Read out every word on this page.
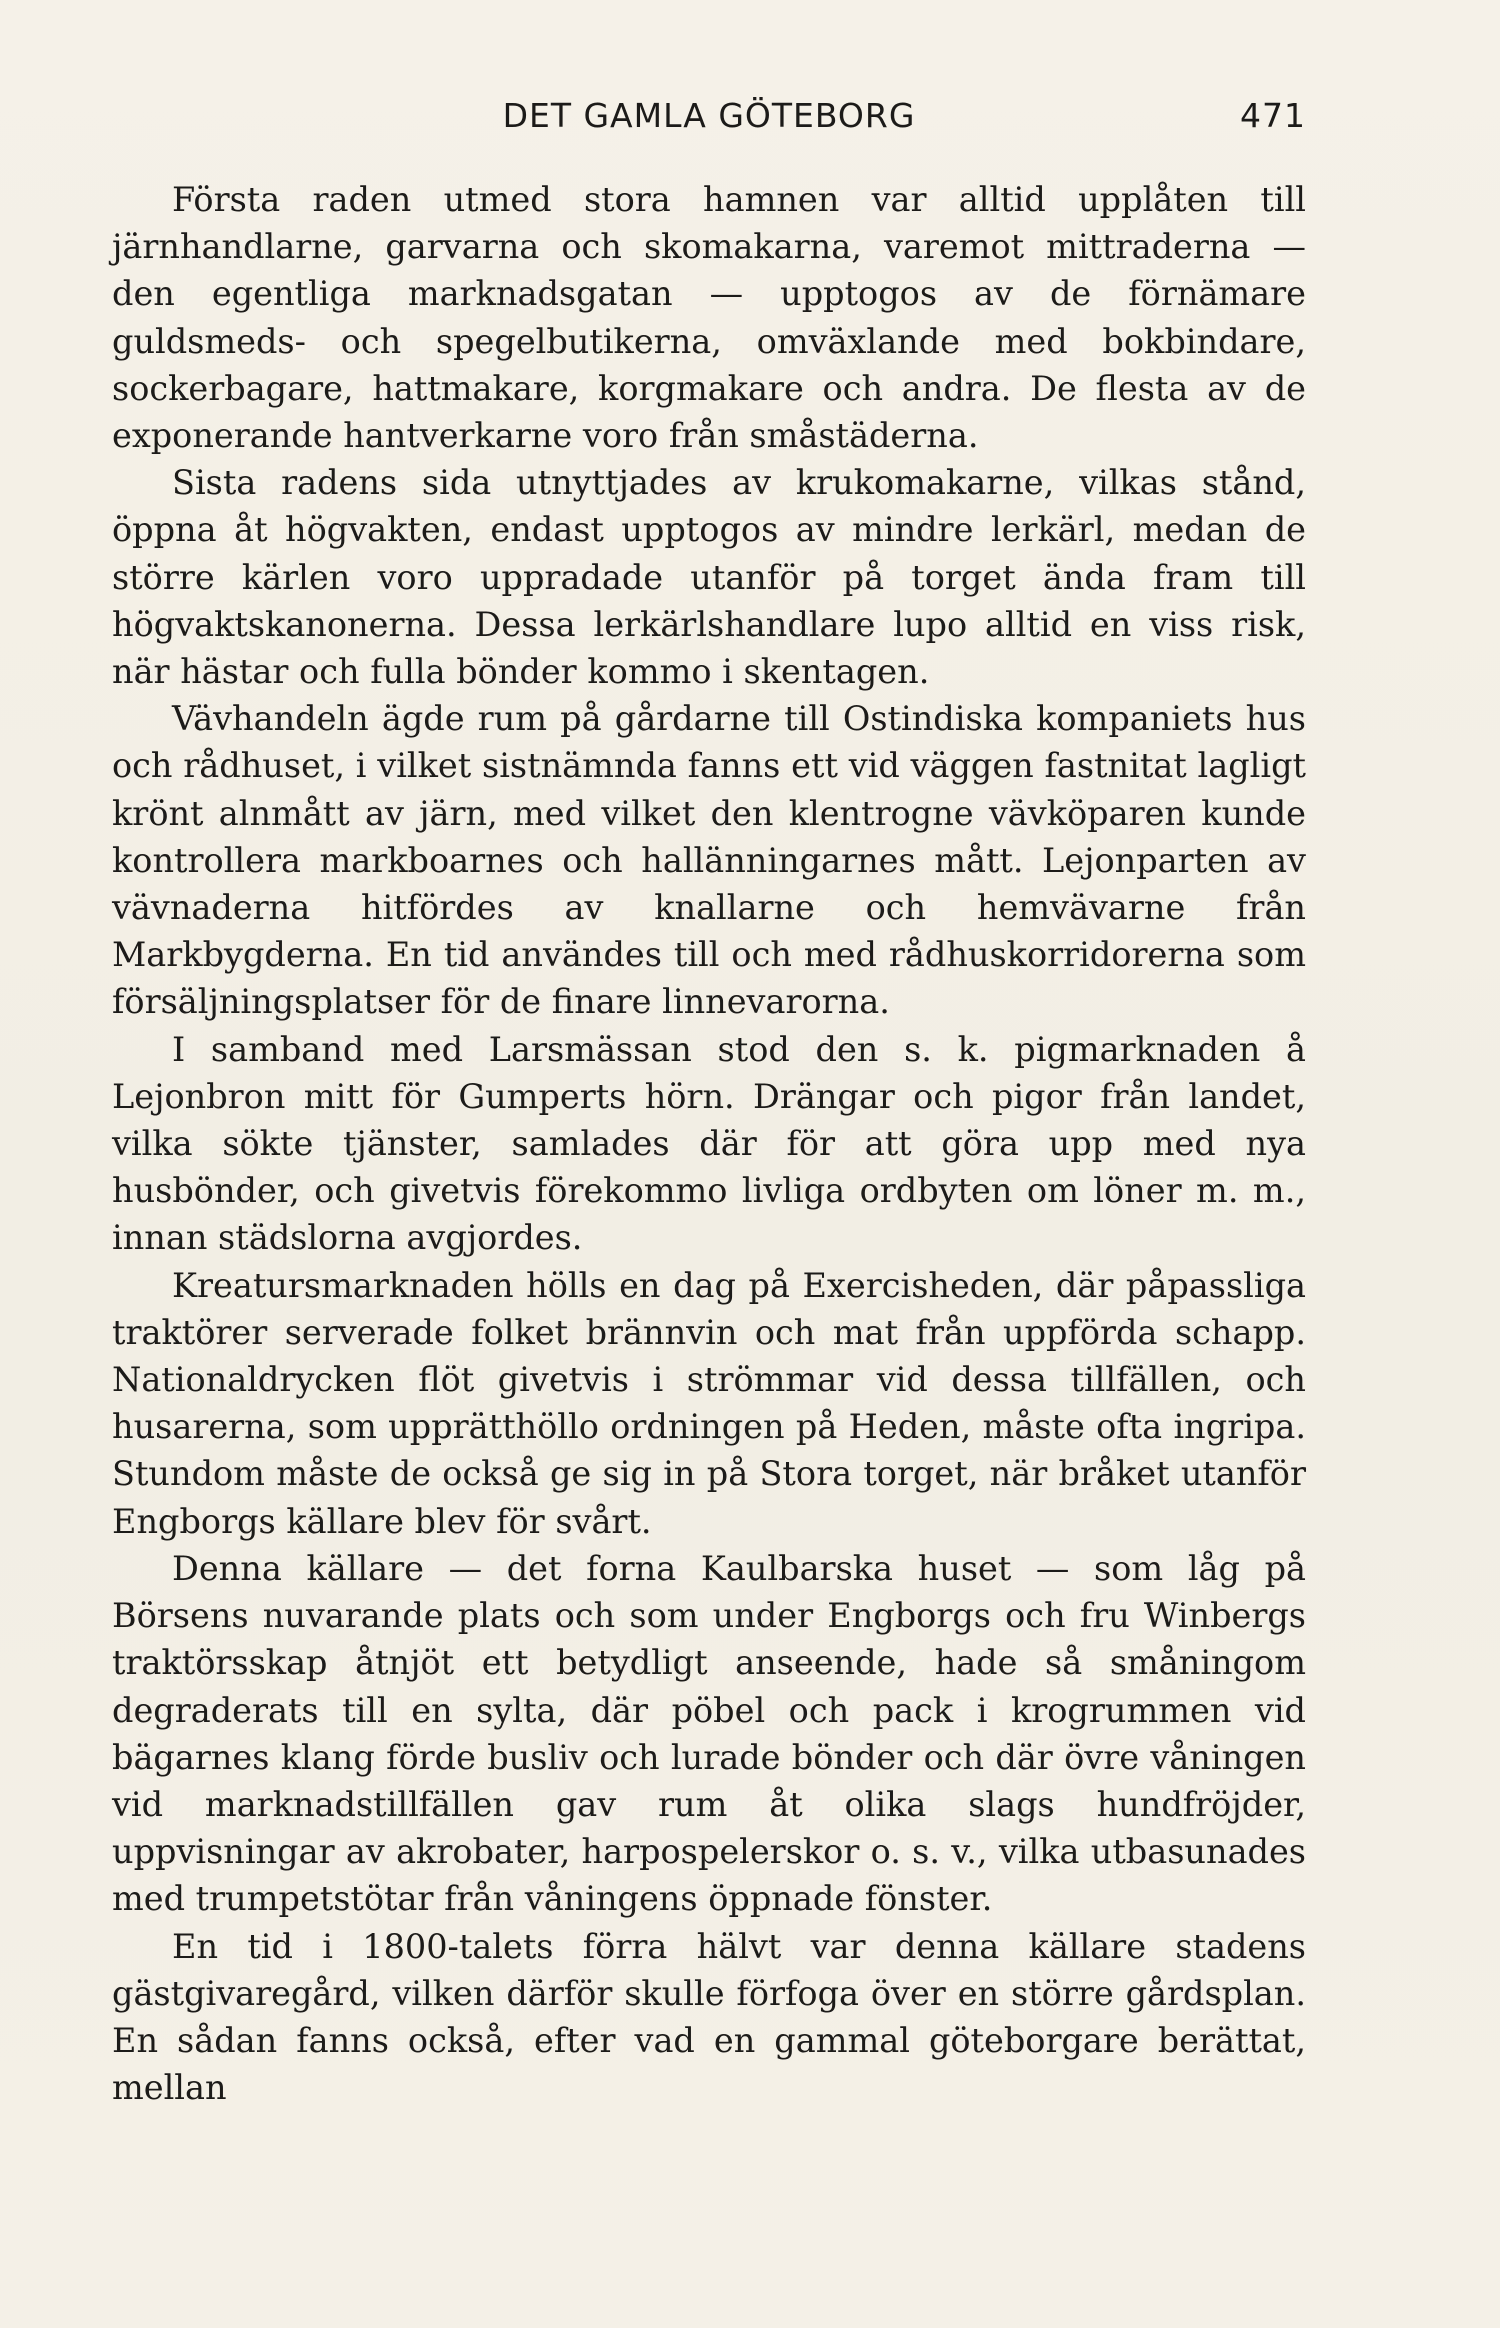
DET GAMLA GÖTEBORG	471

Första raden utmed stora hamnen var alltid upplåten till järnhandlarne, garvarna och skomakarna, varemot mittraderna — den egentliga marknadsgatan — upptogos av de förnämare guldsmeds- och spegelbutikerna, omväxlande med bokbindare, sockerbagare, hattmakare, korgmakare och andra. De flesta av de exponerande hantverkarne voro från småstäderna.

Sista radens sida utnyttjades av krukomakarne, vilkas stånd, öppna åt högvakten, endast upptogos av mindre lerkärl, medan de större kärlen voro uppradade utanför på torget ända fram till högvaktskanonerna. Dessa lerkärlshandlare lupo alltid en viss risk, när hästar och fulla bönder kommo i skentagen.

Vävhandeln ägde rum på gårdarne till Ostindiska kompaniets hus och rådhuset, i vilket sistnämnda fanns ett vid väggen fastnitat lagligt krönt alnmått av järn, med vilket den klentrogne vävköparen kunde kontrollera markboarnes och hallänningarnes mått. Lejonparten av vävnaderna hitfördes av knallarne och hemvävarne från Markbygderna. En tid användes till och med rådhuskorridorerna som försäljningsplatser för de finare linnevarorna.

I samband med Larsmässan stod den s. k. pigmarknaden å Lejonbron mitt för Gumperts hörn. Drängar och pigor från landet, vilka sökte tjänster, samlades där för att göra upp med nya husbönder, och givetvis förekommo livliga ordbyten om löner m. m., innan städslorna avgjordes.

Kreatursmarknaden hölls en dag på Exercisheden, där påpassliga traktörer serverade folket brännvin och mat från uppförda schapp. Nationaldrycken flöt givetvis i strömmar vid dessa tillfällen, och husarerna, som upprätthöllo ordningen på Heden, måste ofta ingripa. Stundom måste de också ge sig in på Stora torget, när bråket utanför Engborgs källare blev för svårt.

Denna källare — det forna Kaulbarska huset — som låg på Börsens nuvarande plats och som under Engborgs och fru Winbergs traktörsskap åtnjöt ett betydligt anseende, hade så småningom degraderats till en sylta, där pöbel och pack i krogrummen vid bägarnes klang förde busliv och lurade bönder och där övre våningen vid marknadstillfällen gav rum åt olika slags hundfröjder, uppvisningar av akrobater, harpospelerskor o. s. v., vilka utbasunades med trumpetstötar från våningens öppnade fönster.

En tid i 1800-talets förra hälvt var denna källare stadens gästgivaregård, vilken därför skulle förfoga över en större gårdsplan. En sådan fanns också, efter vad en gammal göteborgare berättat, mellan
